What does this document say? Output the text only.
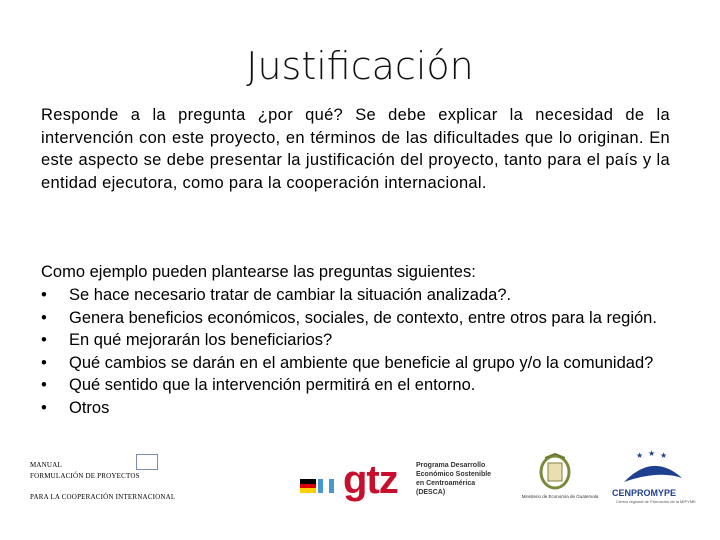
Justificación
Responde a la pregunta ¿por qué? Se debe explicar la necesidad de la intervención con este proyecto, en términos de las dificultades que lo originan. En este aspecto se debe presentar la justificación del proyecto, tanto para el país y la entidad ejecutora, como para la cooperación internacional.
Como ejemplo pueden plantearse las preguntas siguientes:
• Se hace necesario tratar de cambiar la situación analizada?.
• Genera beneficios económicos, sociales, de contexto, entre otros para la región.
• En qué mejorarán los beneficiarios?
• Qué cambios se darán en el ambiente que beneficie al grupo y/o la comunidad?
• Qué sentido que la intervención permitirá en el entorno.
• Otros
MANUAL
FORMULACIÓN DE PROYECTOS
PARA LA COOPERACIÓN INTERNACIONAL	gtz	Programa Desarrollo
Económico Sostenible
en Centroamérica
(DESCA)
Ministerio de Economía de Guatemala
★ ★ ★
CENPROMYPE
Centro regional de Promoción de la MIPYME
